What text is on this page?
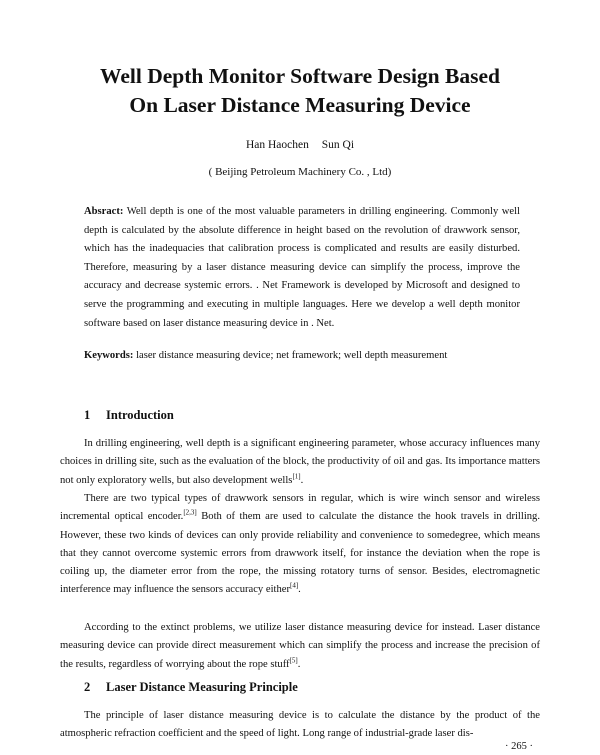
Well Depth Monitor Software Design Based
On Laser Distance Measuring Device
Han Haochen Sun Qi
( Beijing Petroleum Machinery Co. , Ltd)

Absract: Well depth is one of the most valuable parameters in drilling engineering. Commonly well depth is calculated by the absolute difference in height based on the revolution of drawwork sensor, which has the inadequacies that calibration process is complicated and results are easily disturbed. Therefore, measuring by a laser distance measuring device can simplify the process, improve the accuracy and decrease systemic errors. . Net Framework is developed by Microsoft and designed to serve the programming and executing in multiple languages. Here we develop a well depth monitor software based on laser distance measuring device in . Net.

Keywords: laser distance measuring device; net framework; well depth measurement

1 Introduction

In drilling engineering, well depth is a significant engineering parameter, whose accuracy influences many choices in drilling site, such as the evaluation of the block, the productivity of oil and gas. Its importance matters not only exploratory wells, but also development wells[1].

There are two typical types of drawwork sensors in regular, which is wire winch sensor and wireless incremental optical encoder.[2,3] Both of them are used to calculate the distance the hook travels in drilling. However, these two kinds of devices can only provide reliability and convenience to somedegree, which means that they cannot overcome systemic errors from drawwork itself, for instance the deviation when the rope is coiling up, the diameter error from the rope, the missing rotatory turns of sensor. Besides, electromagnetic interference may influence the sensors accuracy either[4].

According to the extinct problems, we utilize laser distance measuring device for instead. Laser distance measuring device can provide direct measurement which can simplify the process and increase the precision of the results, regardless of worrying about the rope stuff[5].

2 Laser Distance Measuring Principle

The principle of laser distance measuring device is to calculate the distance by the product of the atmospheric refraction coefficient and the speed of light. Long range of industrial-grade laser dis-

· 265 ·
